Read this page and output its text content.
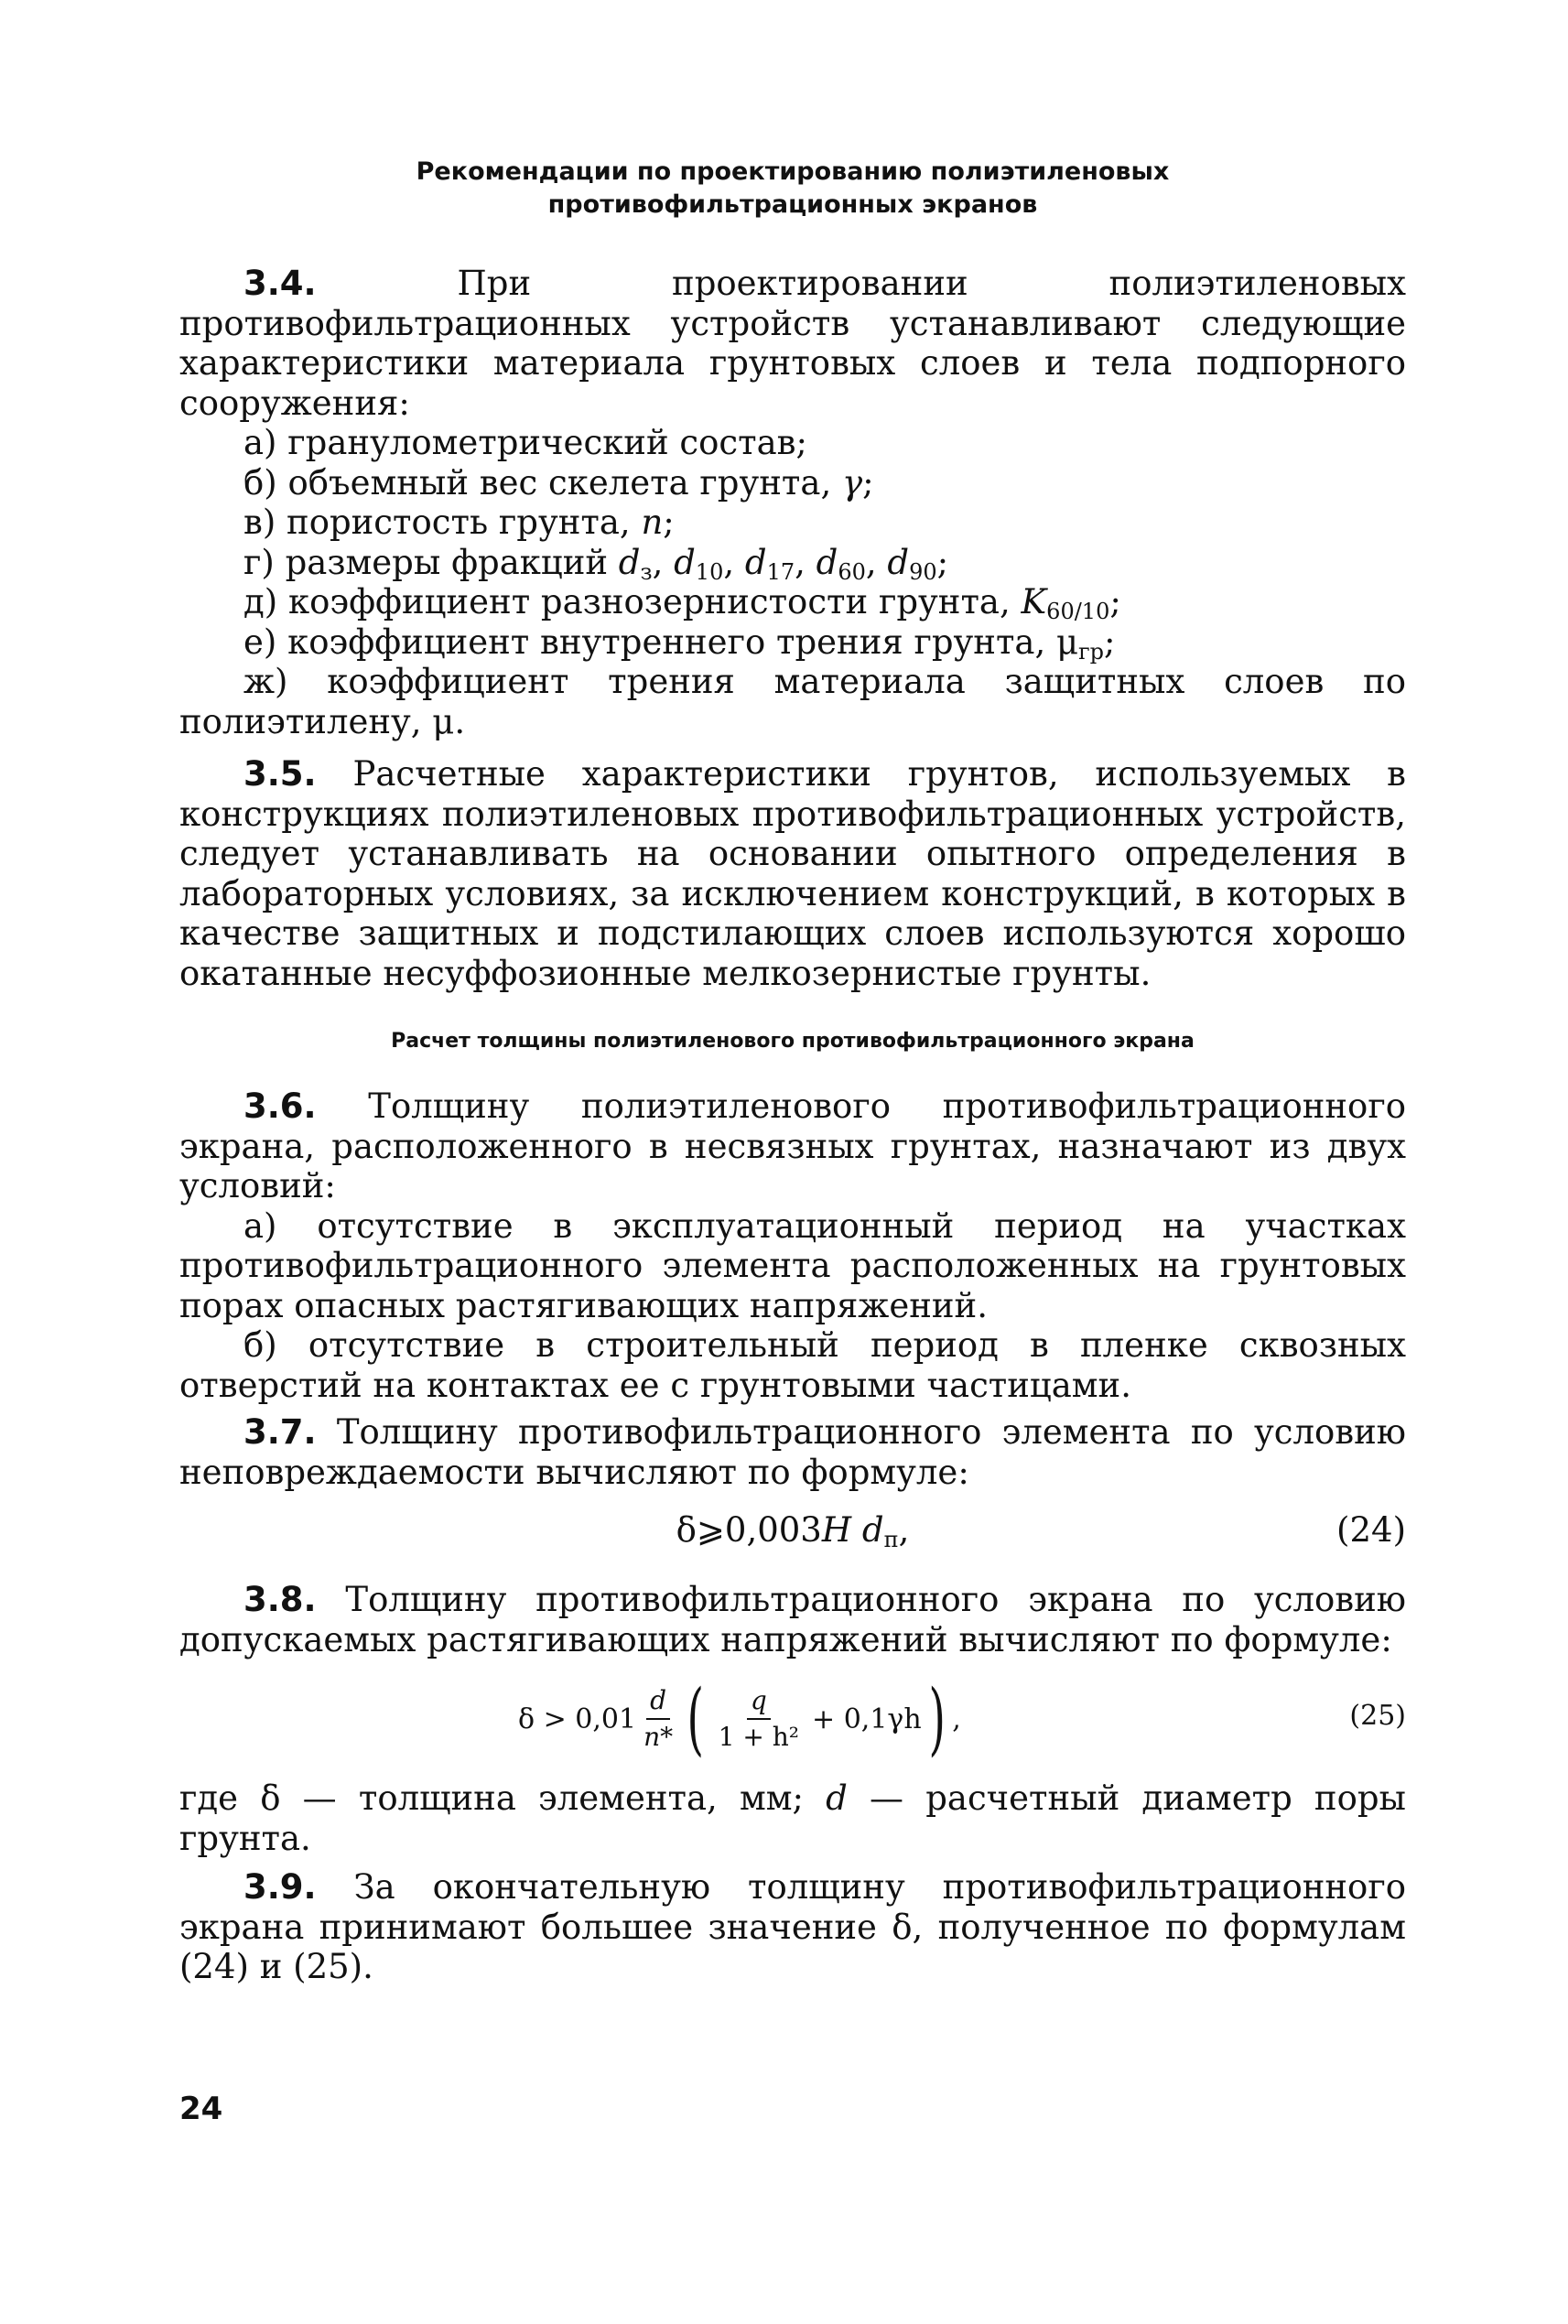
Рекомендации по проектированию полиэтиленовых
противофильтрационных экранов

3.4. При проектировании полиэтиленовых противофильтрационных устройств устанавливают следующие характеристики материала грунтовых слоев и тела подпорного сооружения:

а) гранулометрический состав;

б) объемный вес скелета грунта, γ;

в) пористость грунта, n;

г) размеры фракций $d_з$, $d_{10}$, $d_{17}$, $d_{60}$, $d_{90}$;

д) коэффициент разнозернистости грунта, $K_{60/10}$;

е) коэффициент внутреннего трения грунта, $\mu_{гр}$;

ж) коэффициент трения материала защитных слоев по полиэтилену, μ.

3.5. Расчетные характеристики грунтов, используемых в конструкциях полиэтиленовых противофильтрационных устройств, следует устанавливать на основании опытного определения в лабораторных условиях, за исключением конструкций, в которых в качестве защитных и подстилающих слоев используются хорошо окатанные несуффозионные мелкозернистые грунты.

Расчет толщины полиэтиленового противофильтрационного экрана

3.6. Толщину полиэтиленового противофильтрационного экрана, расположенного в несвязных грунтах, назначают из двух условий:

а) отсутствие в эксплуатационный период на участках противофильтрационного элемента расположенных на грунтовых порах опасных растягивающих напряжений.

б) отсутствие в строительный период в пленке сквозных отверстий на контактах ее с грунтовыми частицами.

3.7. Толщину противофильтрационного элемента по условию неповреждаемости вычисляют по формуле:

δ⩾0,003H $d_п$,	(24)

3.8. Толщину противофильтрационного экрана по условию допускаемых растягивающих напряжений вычисляют по формуле:

$\delta > 0,01 \frac{d}{n*}$ ( $\frac{q}{\text{1 + h²}} + 0,1\gamma h$ ) ,	(25)

где δ — толщина элемента, мм; d — расчетный диаметр поры грунта.

3.9. За окончательную толщину противофильтрационного экрана принимают большее значение δ, полученное по формулам (24) и (25).

24
